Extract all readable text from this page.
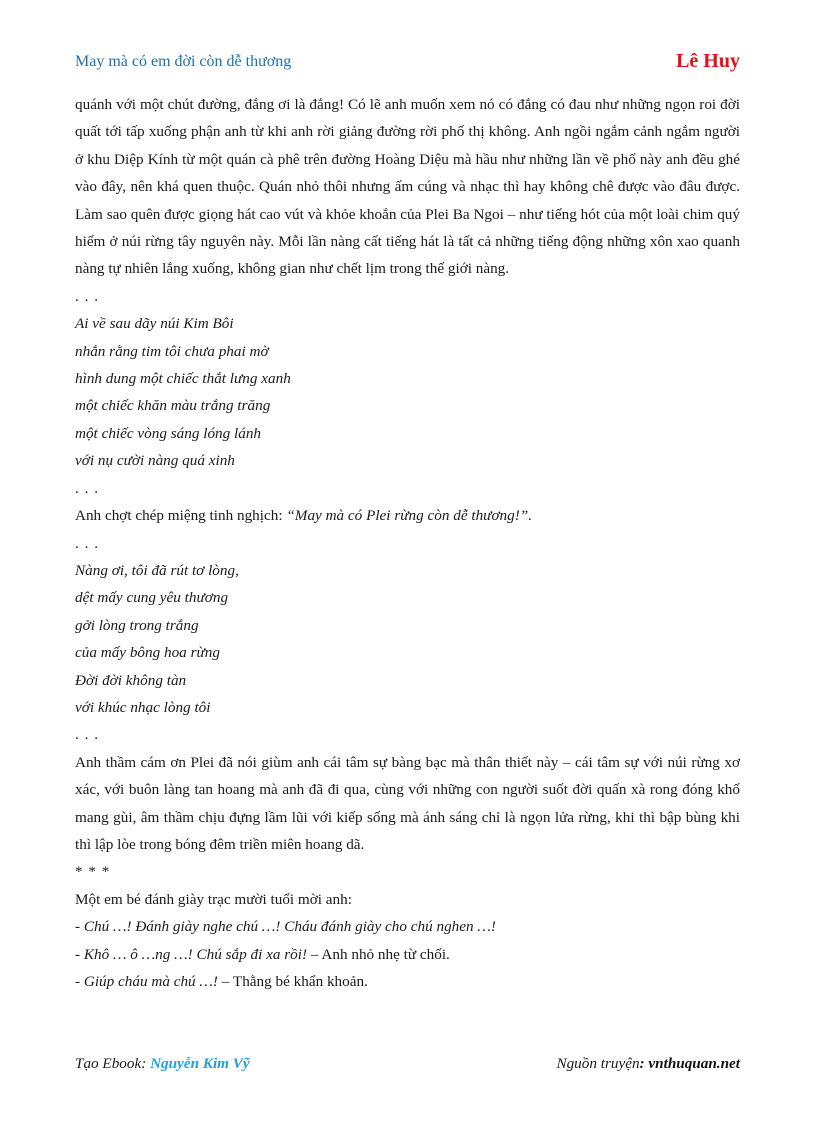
May mà có em đời còn dễ thương	Lê Huy

quánh với một chút đường, đắng ơi là đắng! Có lẽ anh muốn xem nó có đắng có đau như những ngọn roi đời quất tới tấp xuống phận anh từ khi anh rời giảng đường rời phố thị không. Anh ngồi ngắm cảnh ngắm người ở khu Diệp Kính từ một quán cà phê trên đường Hoàng Diệu mà hầu như những lần về phố này anh đều ghé vào đây, nên khá quen thuộc. Quán nhỏ thôi nhưng ấm cúng và nhạc thì hay không chê được vào đâu được. Làm sao quên được giọng hát cao vút và khỏe khoắn của Plei Ba Ngoi – như tiếng hót của một loài chim quý hiếm ở núi rừng tây nguyên này. Mỗi lần nàng cất tiếng hát là tất cả những tiếng động những xôn xao quanh nàng tự nhiên lắng xuống, không gian như chết lịm trong thế giới nàng.

. . .

Ai về sau dãy núi Kim Bôi

nhắn rằng tim tôi chưa phai mờ

hình dung một chiếc thắt lưng xanh

một chiếc khăn màu trắng trăng

một chiếc vòng sáng lóng lánh

với nụ cười nàng quá xinh

. . .

Anh chợt chép miệng tinh nghịch: “May mà có Plei rừng còn dễ thương!”.

. . .

Nàng ơi, tôi đã rút tơ lòng,

dệt mấy cung yêu thương

gởi lòng trong trắng

của mấy bông hoa rừng

Đời đời không tàn

với khúc nhạc lòng tôi

. . .

Anh thầm cám ơn Plei đã nói giùm anh cái tâm sự bàng bạc mà thân thiết này – cái tâm sự với núi rừng xơ xác, với buôn làng tan hoang mà anh đã đi qua, cùng với những con người suốt đời quấn xà rong đóng khố mang gùi, âm thầm chịu đựng lầm lũi với kiếp sống mà ánh sáng chỉ là ngọn lửa rừng, khi thì bập bùng khi thì lập lòe trong bóng đêm triền miên hoang dã.

* * *

Một em bé đánh giày trạc mười tuổi mời anh:

- Chú …! Đánh giày nghe chú …! Cháu đánh giày cho chú nghen …!

- Khô … ô …ng …! Chú sắp đi xa rồi! – Anh nhỏ nhẹ từ chối.

- Giúp cháu mà chú …! – Thằng bé khẩn khoản.

Tạo Ebook: Nguyễn Kim Vỹ	Nguồn truyện: vnthuquan.net
